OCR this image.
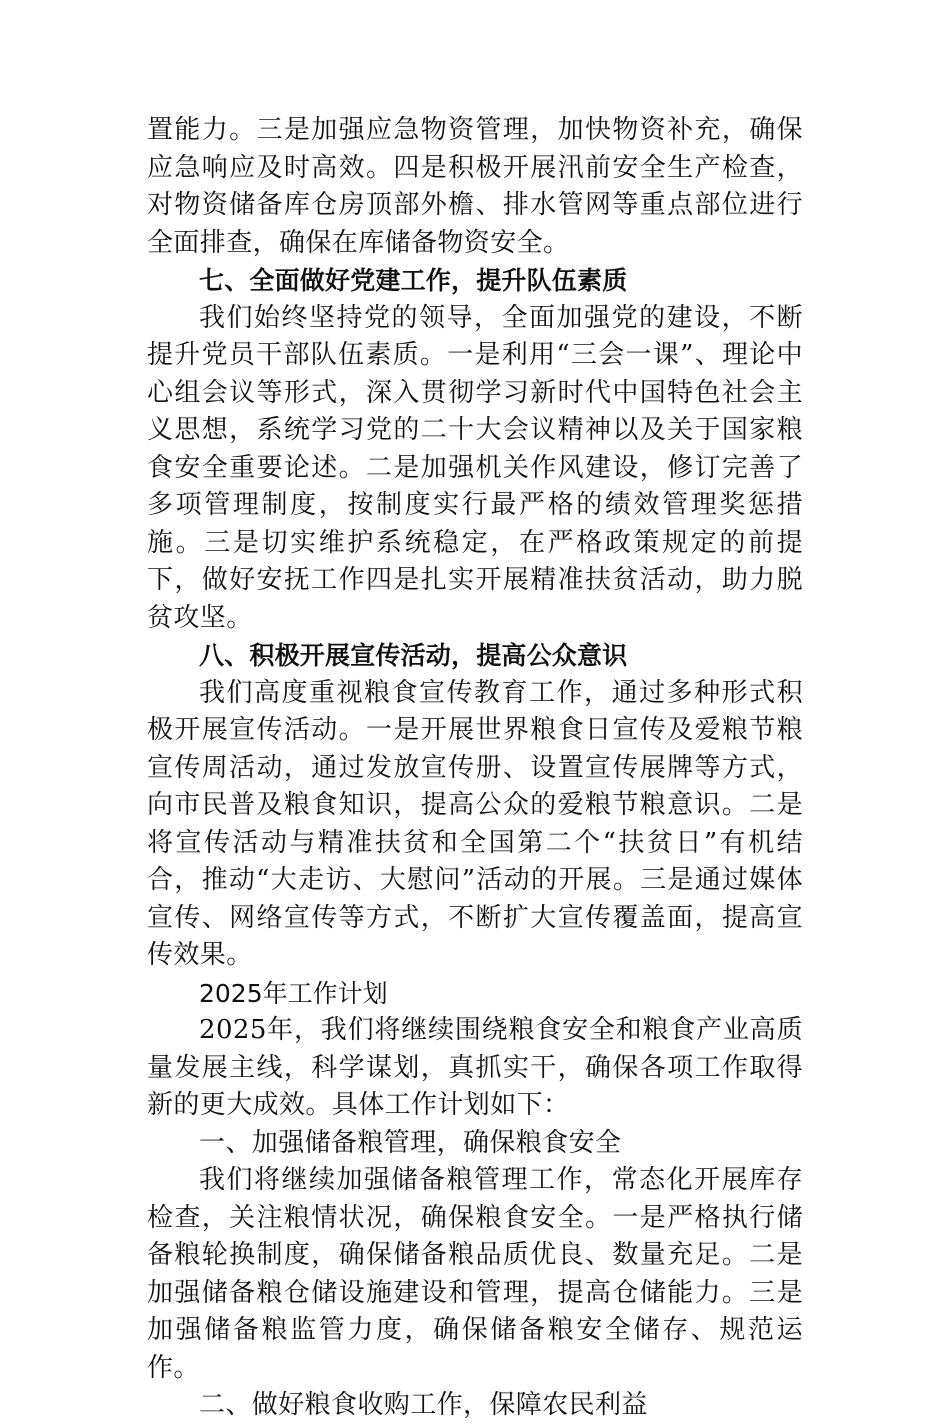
置能力。三是加强应急物资管理，加快物资补充，确保应急响应及时高效。四是积极开展汛前安全生产检查，对物资储备库仓房顶部外檐、排水管网等重点部位进行全面排查，确保在库储备物资安全。

七、全面做好党建工作，提升队伍素质

我们始终坚持党的领导，全面加强党的建设，不断提升党员干部队伍素质。一是利用“三会一课”、理论中心组会议等形式，深入贯彻学习新时代中国特色社会主义思想，系统学习党的二十大会议精神以及关于国家粮食安全重要论述。二是加强机关作风建设，修订完善了多项管理制度，按制度实行最严格的绩效管理奖惩措施。三是切实维护系统稳定，在严格政策规定的前提下，做好安抚工作四是扎实开展精准扶贫活动，助力脱贫攻坚。

八、积极开展宣传活动，提高公众意识

我们高度重视粮食宣传教育工作，通过多种形式积极开展宣传活动。一是开展世界粮食日宣传及爱粮节粮宣传周活动，通过发放宣传册、设置宣传展牌等方式，向市民普及粮食知识，提高公众的爱粮节粮意识。二是将宣传活动与精准扶贫和全国第二个“扶贫日”有机结合，推动“大走访、大慰问”活动的开展。三是通过媒体宣传、网络宣传等方式，不断扩大宣传覆盖面，提高宣传效果。

2025年工作计划

2025年，我们将继续围绕粮食安全和粮食产业高质量发展主线，科学谋划，真抓实干，确保各项工作取得新的更大成效。具体工作计划如下：

一、加强储备粮管理，确保粮食安全

我们将继续加强储备粮管理工作，常态化开展库存检查，关注粮情状况，确保粮食安全。一是严格执行储备粮轮换制度，确保储备粮品质优良、数量充足。二是加强储备粮仓储设施建设和管理，提高仓储能力。三是加强储备粮监管力度，确保储备粮安全储存、规范运作。

二、做好粮食收购工作，保障农民利益
